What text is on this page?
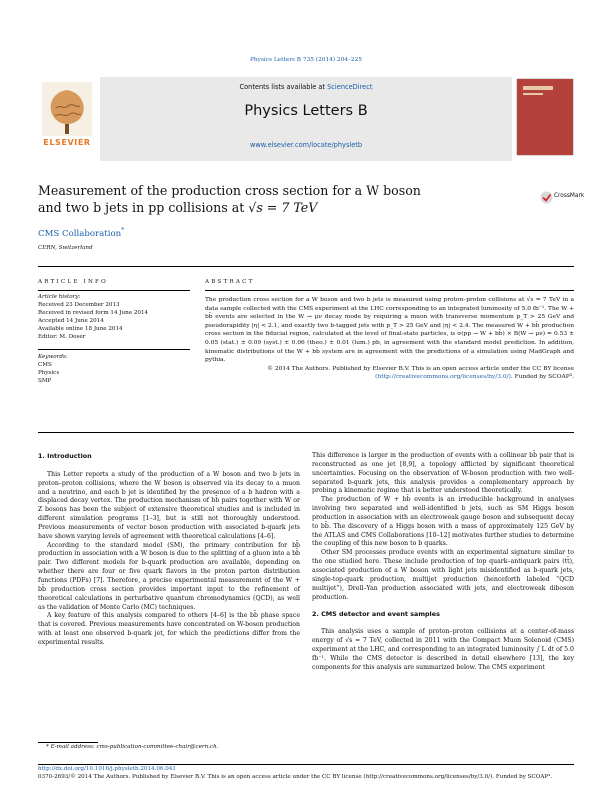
Physics Letters B 735 (2014) 204–225
Contents lists available at ScienceDirect
Physics Letters B
www.elsevier.com/locate/physletb
ELSEVIER
Measurement of the production cross section for a W boson
and two b jets in pp collisions at √s = 7 TeV
CrossMark
CMS Collaboration*
CERN, Switzerland
ARTICLE INFO
Article history:
Received 23 December 2013
Received in revised form 14 June 2014
Accepted 14 June 2014
Available online 18 June 2014
Editor: M. Doser
Keywords:
CMS
Physics
SMP
ABSTRACT
The production cross section for a W boson and two b jets is measured using proton–proton collisions at √s = 7 TeV in a data sample collected with the CMS experiment at the LHC corresponding to an integrated luminosity of 5.0 fb⁻¹. The W + bb̄ events are selected in the W → μν decay mode by requiring a muon with transverse momentum p_T > 25 GeV and pseudorapidity |η| < 2.1, and exactly two b-tagged jets with p_T > 25 GeV and |η| < 2.4. The measured W + bb̄ production cross section in the fiducial region, calculated at the level of final-state particles, is σ(pp → W + bb̄) × B(W → μν) = 0.53 ± 0.05 (stat.) ± 0.09 (syst.) ± 0.06 (theo.) ± 0.01 (lum.) pb, in agreement with the standard model prediction. In addition, kinematic distributions of the W + bb̄ system are in agreement with the predictions of a simulation using MadGraph and pythia.
© 2014 The Authors. Published by Elsevier B.V. This is an open access article under the CC BY license (http://creativecommons.org/licenses/by/3.0/). Funded by SCOAP³.
1. Introduction

This Letter reports a study of the production of a W boson and two b jets in proton–proton collisions, where the W boson is observed via its decay to a muon and a neutrino, and each b jet is identified by the presence of a b hadron with a displaced decay vertex. The production mechanism of bb̄ pairs together with W or Z bosons has been the subject of extensive theoretical studies and is included in different simulation programs [1–3], but is still not thoroughly understood. Previous measurements of vector boson production with associated b-quark jets have shown varying levels of agreement with theoretical calculations [4–6].

According to the standard model (SM), the primary contribution for bb̄ production in association with a W boson is due to the splitting of a gluon into a bb̄ pair. Two different models for b-quark production are available, depending on whether there are four or five quark flavors in the proton parton distribution functions (PDFs) [7]. Therefore, a precise experimental measurement of the W + bb̄ production cross section provides important input to the refinement of theoretical calculations in perturbative quantum chromodynamics (QCD), as well as the validation of Monte Carlo (MC) techniques.

A key feature of this analysis compared to others [4–6] is the bb̄ phase space that is covered. Previous measurements have concentrated on W-boson production with at least one observed b-quark jet, for which the predictions differ from the experimental results.

This difference is larger in the production of events with a collinear bb̄ pair that is reconstructed as one jet [8,9], a topology afflicted by significant theoretical uncertainties. Focusing on the observation of W-boson production with two well-separated b-quark jets, this analysis provides a complementary approach by probing a kinematic regime that is better understood theoretically.

The production of W + bb̄ events is an irreducible background in analyses involving two separated and well-identified b jets, such as SM Higgs boson production in association with an electroweak gauge boson and subsequent decay to bb̄. The discovery of a Higgs boson with a mass of approximately 125 GeV by the ATLAS and CMS Collaborations [10–12] motivates further studies to determine the coupling of this new boson to b quarks.

Other SM processes produce events with an experimental signature similar to the one studied here. These include production of top quark–antiquark pairs (tt̄), associated production of a W boson with light jets misidentified as b-quark jets, single-top-quark production, multijet production (henceforth labeled “QCD multijet”), Drell–Yan production associated with jets, and electroweak diboson production.

2. CMS detector and event samples

This analysis uses a sample of proton–proton collisions at a center-of-mass energy of √s = 7 TeV, collected in 2011 with the Compact Muon Solenoid (CMS) experiment at the LHC, and corresponding to an integrated luminosity ∫ L dt of 5.0 fb⁻¹. While the CMS detector is described in detail elsewhere [13], the key components for this analysis are summarized below. The CMS experiment

* E-mail address: cms-publication-committee-chair@cern.ch.
http://dx.doi.org/10.1016/j.physletb.2014.06.041
0370-2693/© 2014 The Authors. Published by Elsevier B.V. This is an open access article under the CC BY license (http://creativecommons.org/licenses/by/3.0/). Funded by SCOAP³.
